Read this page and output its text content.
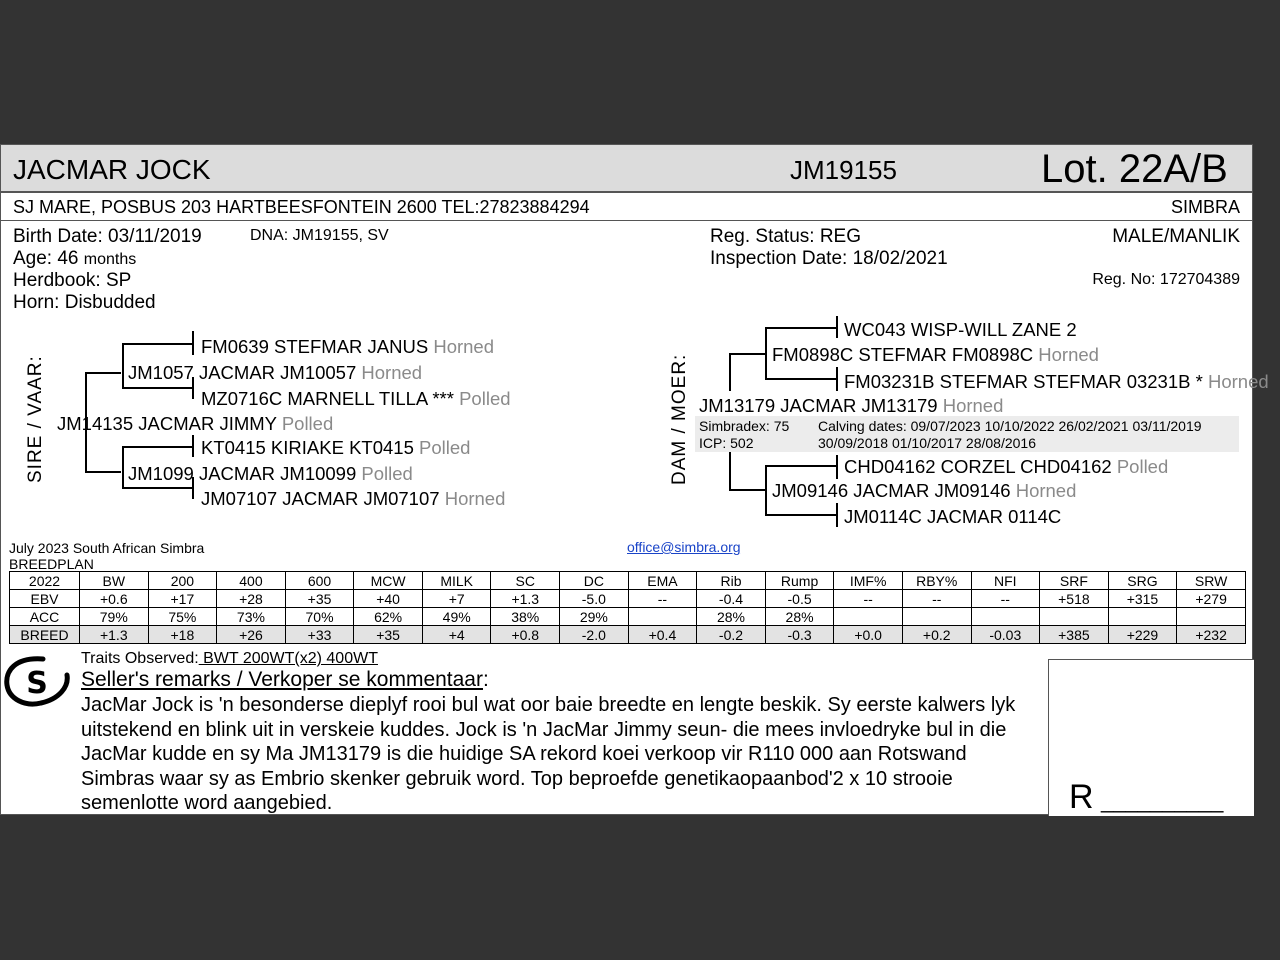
JACMAR JOCK	JM19155	Lot. 22A/B
SJ MARE, POSBUS 203 HARTBEESFONTEIN 2600 TEL:27823884294	SIMBRA
Birth Date: 03/11/2019	DNA: JM19155, SV
Age: 46 months
Herdbook: SP
Horn: Disbudded
Reg. Status: REG
Inspection Date: 18/02/2021
MALE/MANLIK
Reg. No: 172704389
SIRE / VAAR:
FM0639 STEFMAR JANUS Horned
JM1057 JACMAR JM10057 Horned
MZ0716C MARNELL TILLA *** Polled
JM14135 JACMAR JIMMY Polled
KT0415 KIRIAKE KT0415 Polled
JM1099 JACMAR JM10099 Polled
JM07107 JACMAR JM07107 Horned
DAM / MOER:
WC043 WISP-WILL ZANE 2
FM0898C STEFMAR FM0898C Horned
FM03231B STEFMAR STEFMAR 03231B * Horned
JM13179 JACMAR JM13179 Horned
Simbradex: 75
ICP: 502
Calving dates: 09/07/2023 10/10/2022 26/02/2021 03/11/2019
30/09/2018 01/10/2017 28/08/2016
CHD04162 CORZEL CHD04162 Polled
JM09146 JACMAR JM09146 Horned
JM0114C JACMAR 0114C
July 2023 South African Simbra
BREEDPLAN
office@simbra.org
2022	BW	200	400	600	MCW	MILK	SC	DC	EMA	Rib	Rump	IMF%	RBY%	NFI	SRF	SRG	SRW
EBV	+0.6	+17	+28	+35	+40	+7	+1.3	-5.0	--	-0.4	-0.5	--	--	--	+518	+315	+279
ACC	79%	75%	73%	70%	62%	49%	38%	29%		28%	28%						
BREED	+1.3	+18	+26	+33	+35	+4	+0.8	-2.0	+0.4	-0.2	-0.3	+0.0	+0.2	-0.03	+385	+229	+232
S
Traits Observed: BWT 200WT(x2) 400WT
Seller's remarks / Verkoper se kommentaar:
JacMar Jock is 'n besonderse dieplyf rooi bul wat oor baie breedte en lengte beskik. Sy eerste kalwers lyk uitstekend en blink uit in verskeie kuddes. Jock is 'n JacMar Jimmy seun- die mees invloedryke bul in die JacMar kudde en sy Ma JM13179 is die huidige SA rekord koei verkoop vir R110 000 aan Rotswand Simbras waar sy as Embrio skenker gebruik word. Top beproefde genetikaopaanbod'2 x 10 strooie semenlotte word aangebied.	R __________
